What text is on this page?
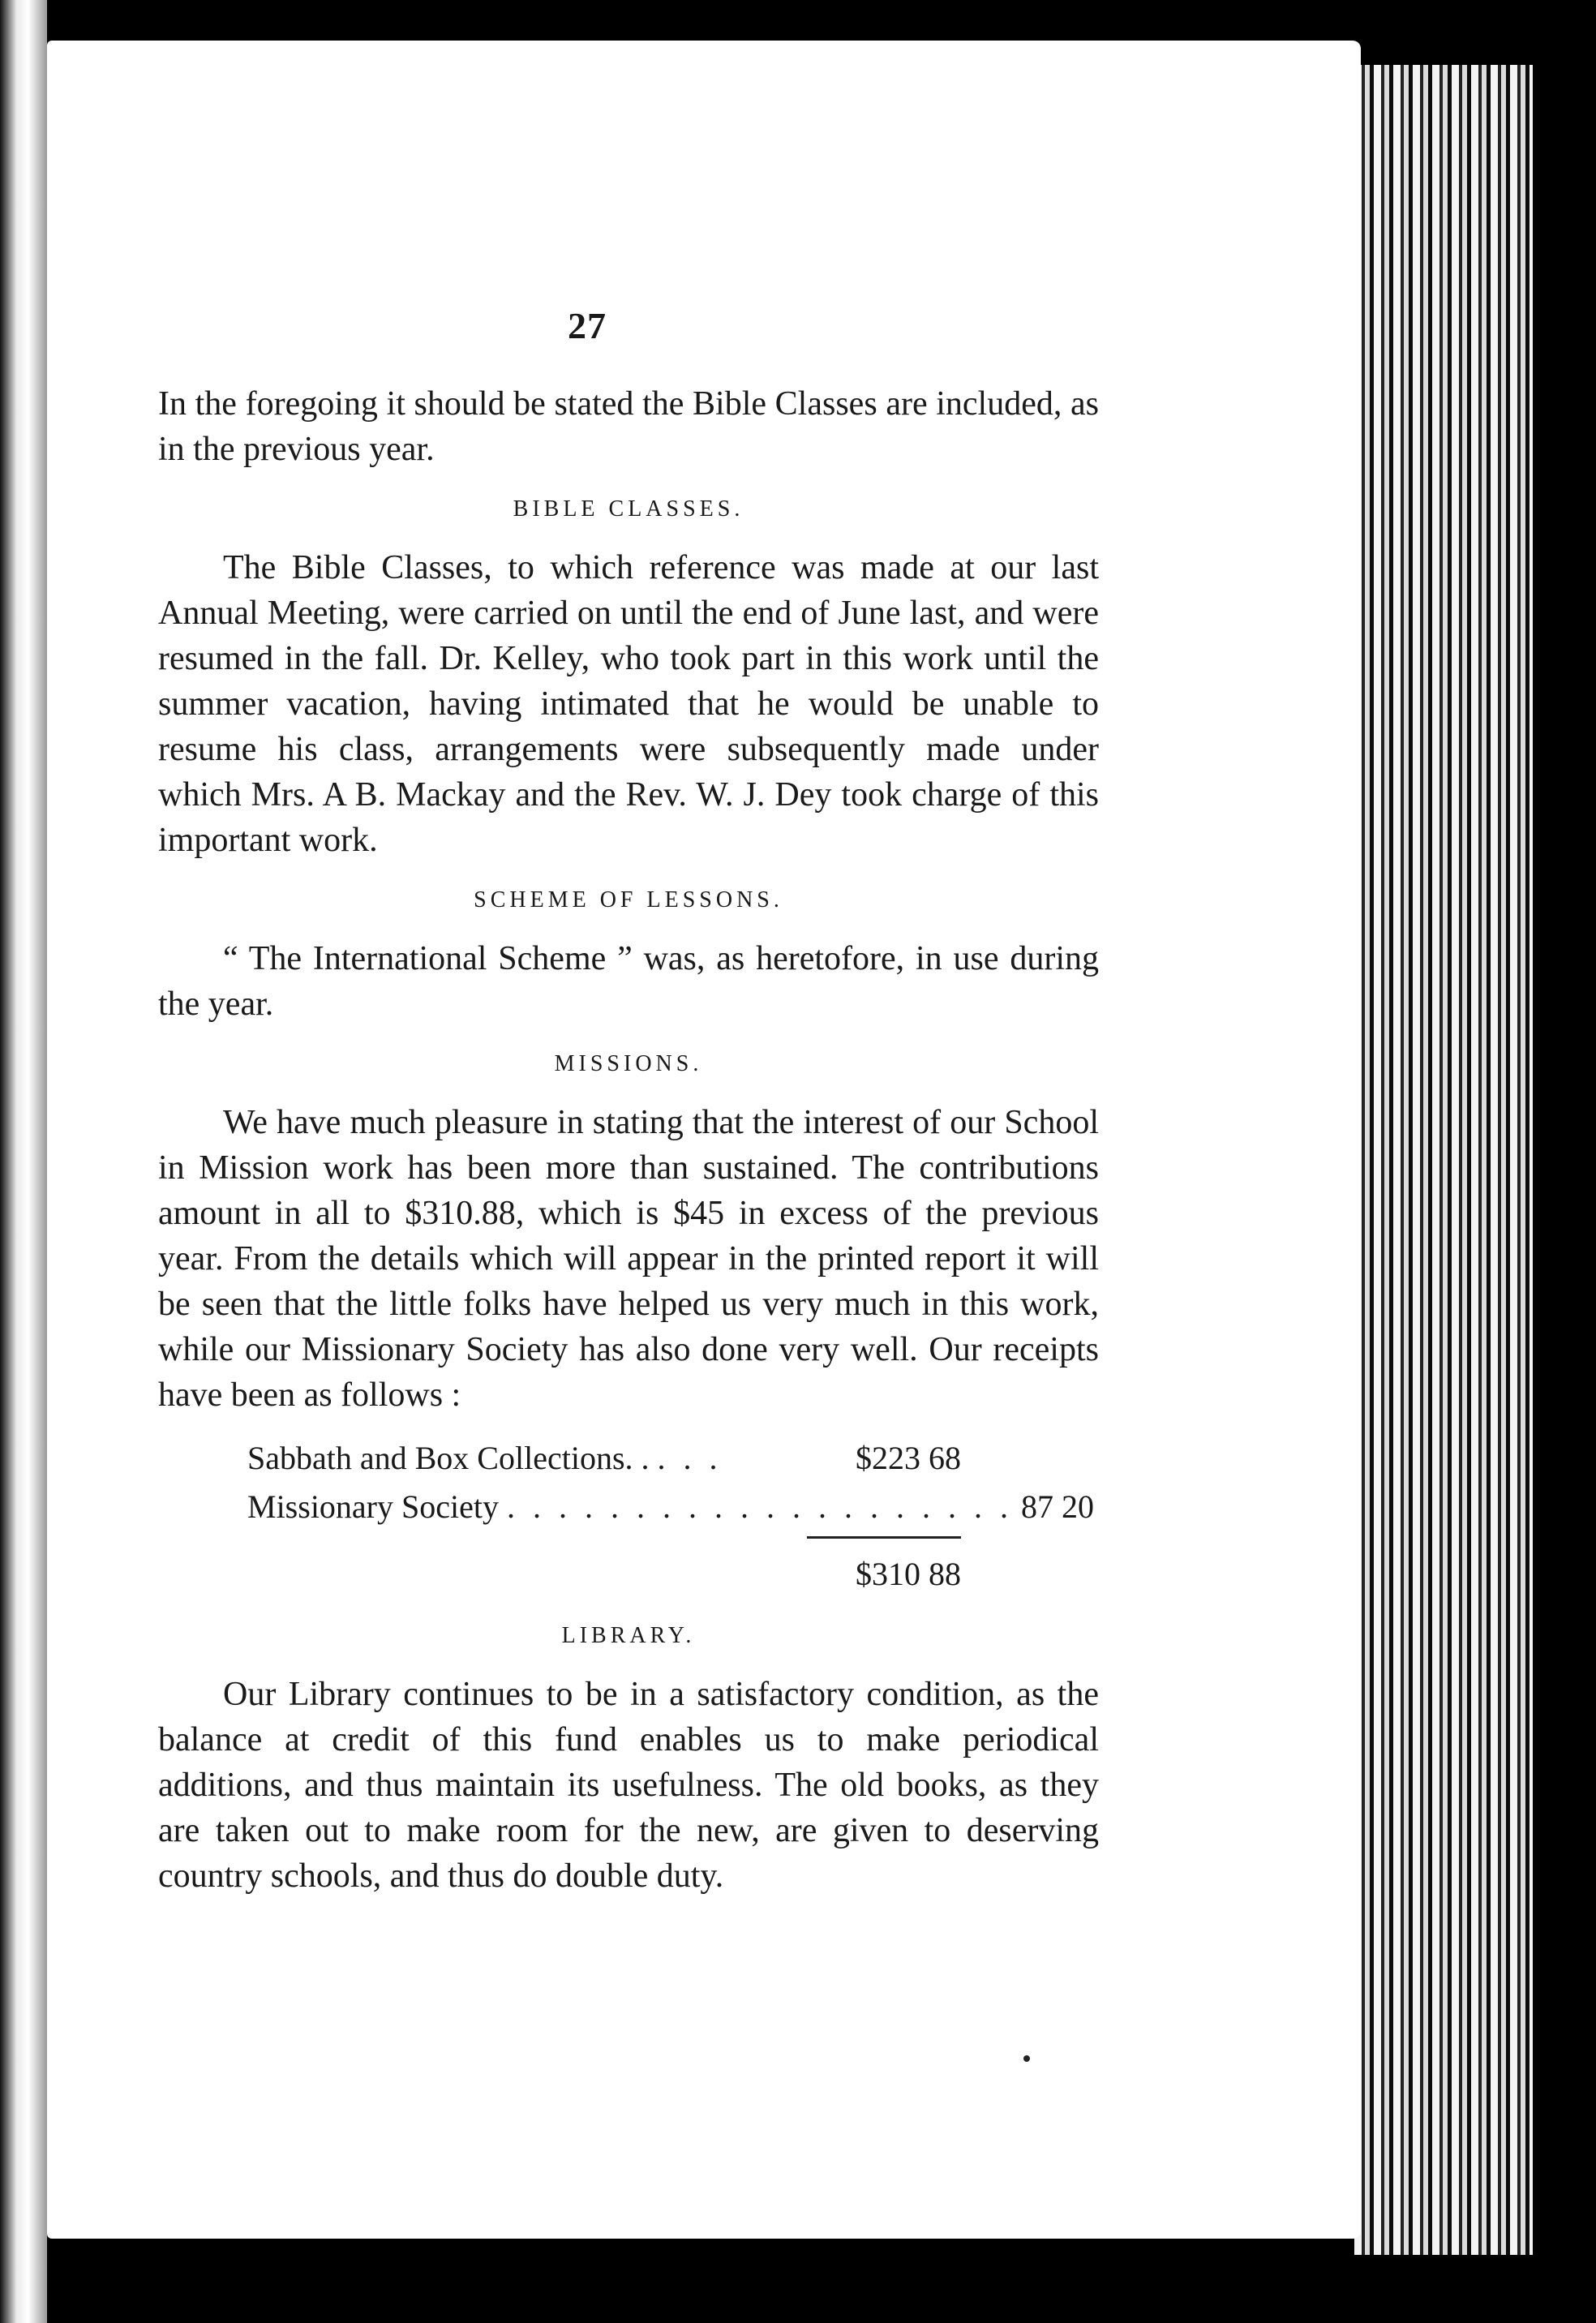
27

In the foregoing it should be stated the Bible Classes are included, as in the previous year.

BIBLE CLASSES.

The Bible Classes, to which reference was made at our last Annual Meeting, were carried on until the end of June last, and were resumed in the fall. Dr. Kelley, who took part in this work until the summer vacation, having intimated that he would be unable to resume his class, arrangements were subsequently made under which Mrs. A B. Mackay and the Rev. W. J. Dey took charge of this important work.

SCHEME OF LESSONS.

“ The International Scheme ” was, as heretofore, in use during the year.

MISSIONS.

We have much pleasure in stating that the interest of our School in Mission work has been more than sustained. The contributions amount in all to $310.88, which is $45 in excess of the previous year. From the details which will appear in the printed report it will be seen that the little folks have helped us very much in this work, while our Missionary Society has also done very well. Our receipts have been as follows :

Sabbath and Box Collections. . . . .	$223 68
Missionary Society . . . . . . . . . . . . . . . . . . . . 87 20
$310 88
LIBRARY.

Our Library continues to be in a satisfactory condition, as the balance at credit of this fund enables us to make periodical additions, and thus maintain its usefulness. The old books, as they are taken out to make room for the new, are given to deserving country schools, and thus do double duty.
